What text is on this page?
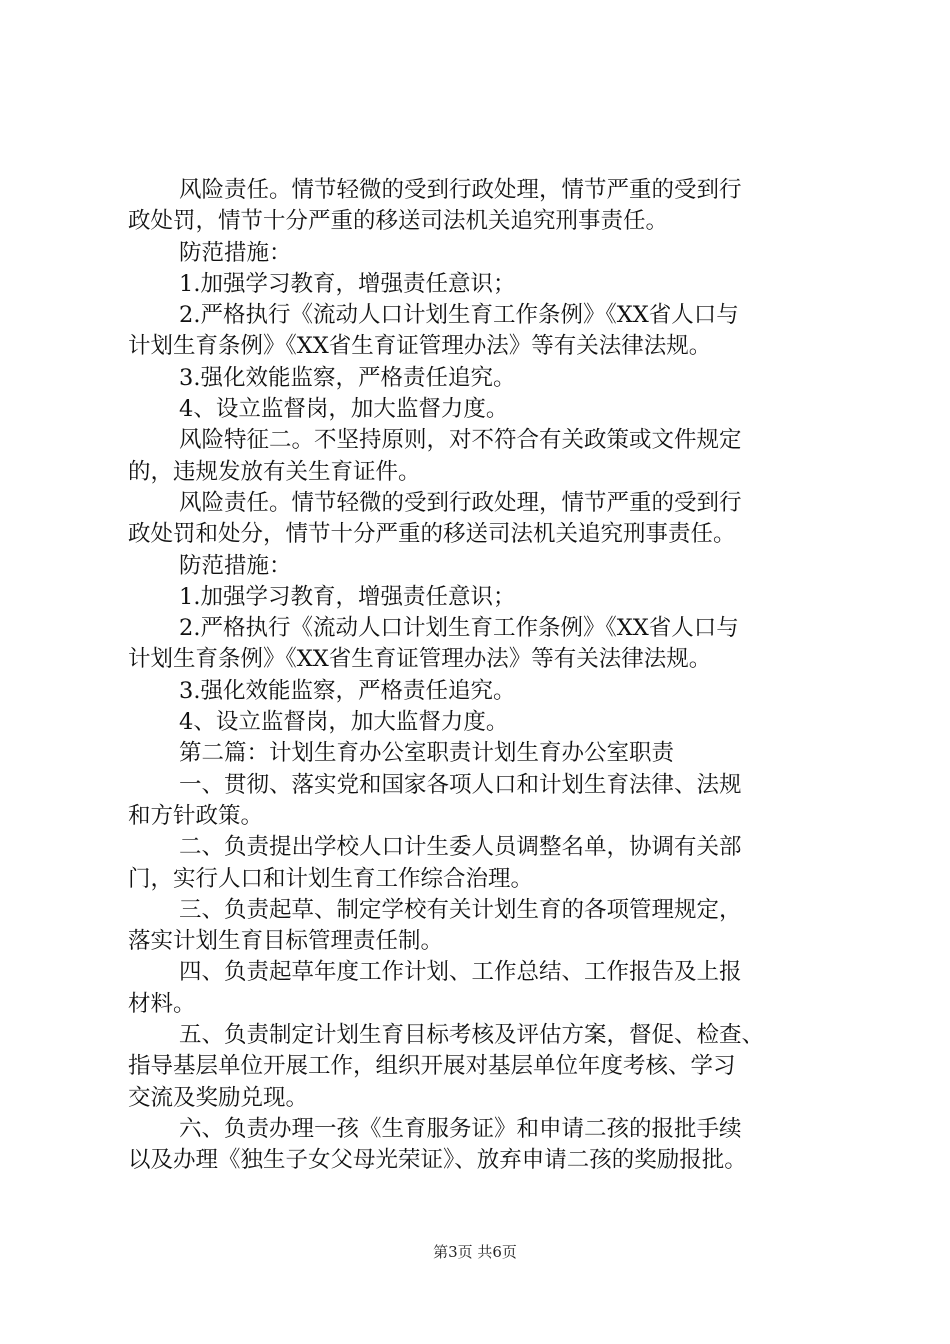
风险责任。情节轻微的受到行政处理，情节严重的受到行
政处罚，情节十分严重的移送司法机关追究刑事责任。
防范措施：
1.加强学习教育，增强责任意识；
2.严格执行《流动人口计划生育工作条例》《XX省人口与
计划生育条例》《XX省生育证管理办法》等有关法律法规。
3.强化效能监察，严格责任追究。
4、设立监督岗，加大监督力度。
风险特征二。不坚持原则，对不符合有关政策或文件规定
的，违规发放有关生育证件。
风险责任。情节轻微的受到行政处理，情节严重的受到行
政处罚和处分，情节十分严重的移送司法机关追究刑事责任。
防范措施：
1.加强学习教育，增强责任意识；
2.严格执行《流动人口计划生育工作条例》《XX省人口与
计划生育条例》《XX省生育证管理办法》等有关法律法规。
3.强化效能监察，严格责任追究。
4、设立监督岗，加大监督力度。
第二篇：计划生育办公室职责计划生育办公室职责
一、贯彻、落实党和国家各项人口和计划生育法律、法规
和方针政策。
二、负责提出学校人口计生委人员调整名单，协调有关部
门，实行人口和计划生育工作综合治理。
三、负责起草、制定学校有关计划生育的各项管理规定，
落实计划生育目标管理责任制。
四、负责起草年度工作计划、工作总结、工作报告及上报
材料。
五、负责制定计划生育目标考核及评估方案，督促、检查、
指导基层单位开展工作，组织开展对基层单位年度考核、学习
交流及奖励兑现。
六、负责办理一孩《生育服务证》和申请二孩的报批手续
以及办理《独生子女父母光荣证》、放弃申请二孩的奖励报批。
第3页 共6页
